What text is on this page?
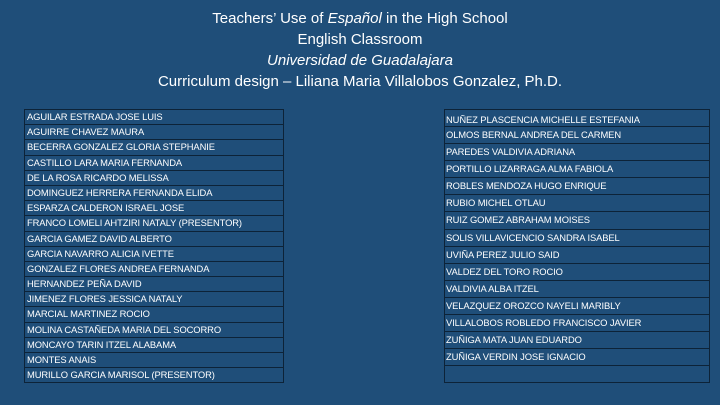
Teachers’ Use of Español in the High School
English Classroom
Universidad de Guadalajara
Curriculum design – Liliana Maria Villalobos Gonzalez, Ph.D.
AGUILAR ESTRADA JOSE LUIS
AGUIRRE CHAVEZ MAURA
BECERRA GONZALEZ GLORIA STEPHANIE
CASTILLO LARA MARIA FERNANDA
DE LA ROSA RICARDO MELISSA
DOMINGUEZ HERRERA FERNANDA ELIDA
ESPARZA CALDERON ISRAEL JOSE
FRANCO LOMELI AHTZIRI NATALY (PRESENTOR)
GARCIA GAMEZ DAVID ALBERTO
GARCIA NAVARRO ALICIA IVETTE
GONZALEZ FLORES ANDREA FERNANDA
HERNANDEZ PEÑA DAVID
JIMENEZ FLORES JESSICA NATALY
MARCIAL MARTINEZ ROCIO
MOLINA CASTAÑEDA MARIA DEL SOCORRO
MONCAYO TARIN ITZEL ALABAMA
MONTES ANAIS
MURILLO GARCIA MARISOL (PRESENTOR)
NUÑEZ PLASCENCIA MICHELLE ESTEFANIA
OLMOS BERNAL ANDREA DEL CARMEN
PAREDES VALDIVIA ADRIANA
PORTILLO LIZARRAGA ALMA FABIOLA
ROBLES MENDOZA HUGO ENRIQUE
RUBIO MICHEL OTLAU
RUIZ GOMEZ ABRAHAM MOISES
SOLIS VILLAVICENCIO SANDRA ISABEL
UVIÑA PEREZ JULIO SAID
VALDEZ DEL TORO ROCIO
VALDIVIA ALBA ITZEL
VELAZQUEZ OROZCO NAYELI MARIBLY
VILLALOBOS ROBLEDO FRANCISCO JAVIER
ZUÑIGA MATA JUAN EDUARDO
ZUÑIGA VERDIN JOSE IGNACIO
